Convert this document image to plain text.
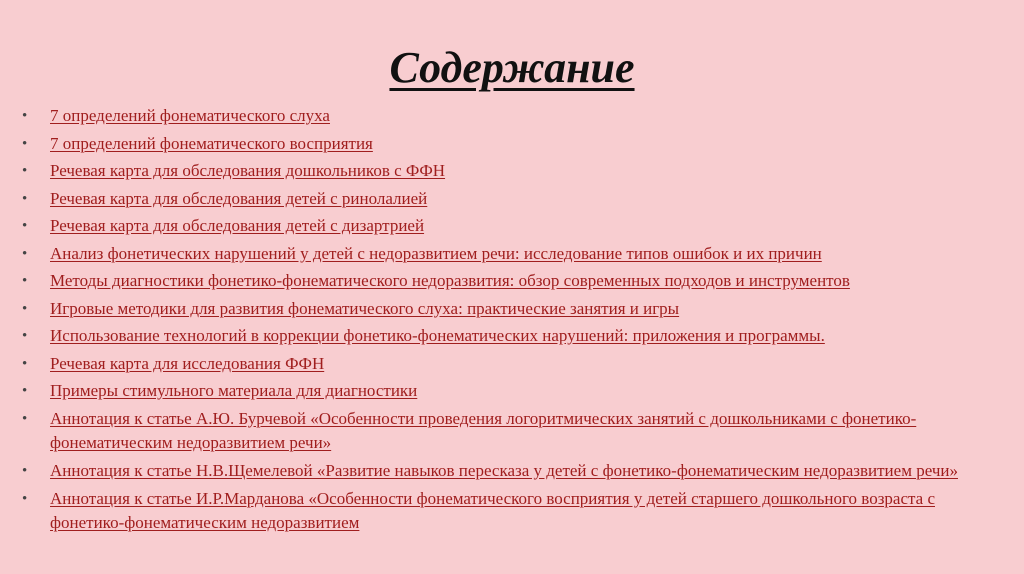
Содержание
• 7 определений фонематического слуха
• 7 определений фонематического восприятия
• Речевая карта для обследования дошкольников с ФФН
• Речевая карта для обследования детей с ринолалией
• Речевая карта для обследования детей с дизартрией
• Анализ фонетических нарушений у детей с недоразвитием речи: исследование типов ошибок и их причин
• Методы диагностики фонетико-фонематического недоразвития: обзор современных подходов и инструментов
• Игровые методики для развития фонематического слуха: практические занятия и игры
• Использование технологий в коррекции фонетико-фонематических нарушений: приложения и программы.
• Речевая карта для исследования ФФН
• Примеры стимульного материала для диагностики
• Аннотация к статье А.Ю. Бурчевой «Особенности проведения логоритмических занятий с дошкольниками с фонетико-фонематическим недоразвитием речи»
• Аннотация к статье Н.В.Щемелевой «Развитие навыков пересказа у детей с фонетико-фонематическим недоразвитием речи»
• Аннотация к статье И.Р.Марданова «Особенности фонематического восприятия у детей старшего дошкольного возраста с фонетико-фонематическим недоразвитием
